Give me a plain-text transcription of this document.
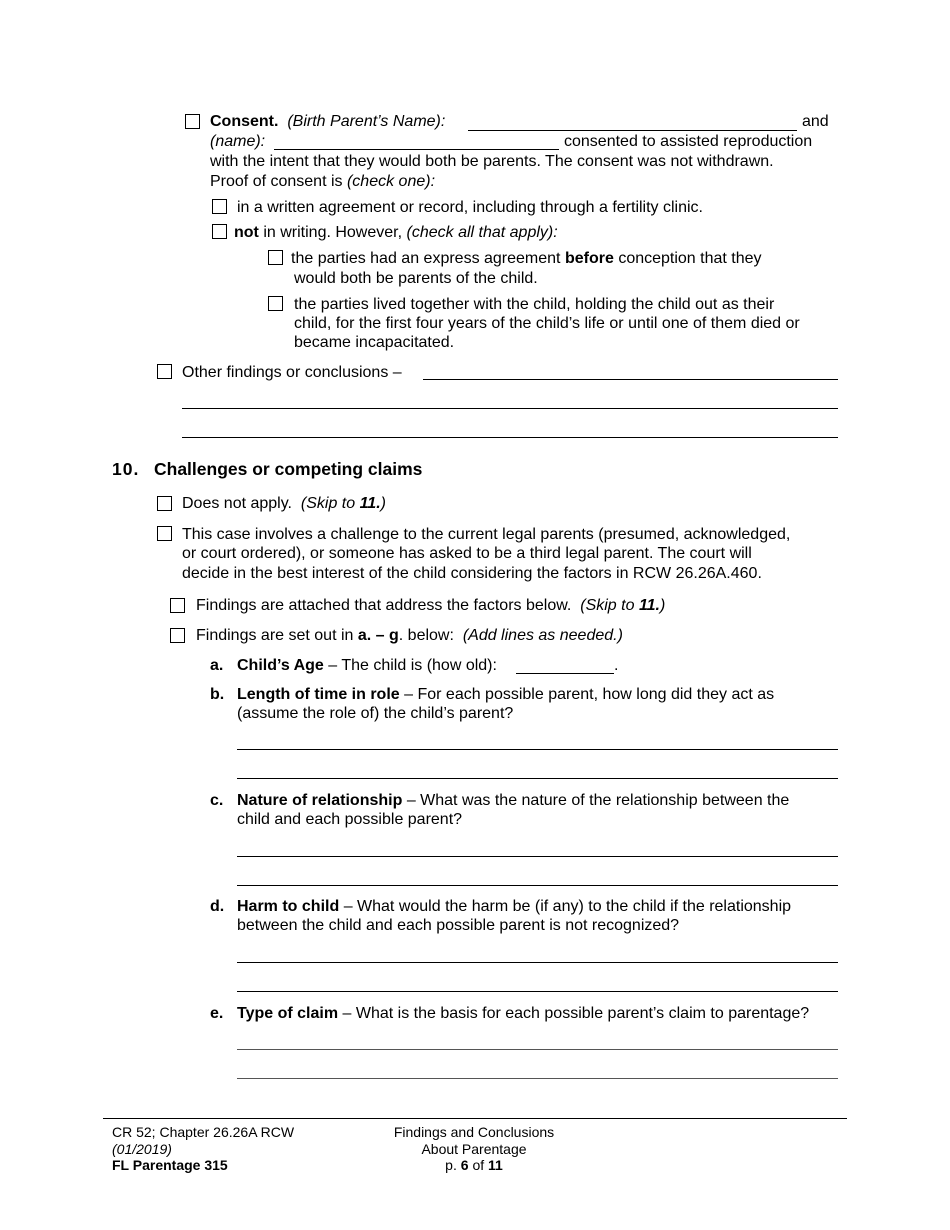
Consent. (Birth Parent’s Name):	and
(name):	consented to assisted reproduction
with the intent that they would both be parents. The consent was not withdrawn.
Proof of consent is (check one):
in a written agreement or record, including through a fertility clinic.
not in writing. However, (check all that apply):
the parties had an express agreement before conception that they
would both be parents of the child.
the parties lived together with the child, holding the child out as their
child, for the first four years of the child’s life or until one of them died or
became incapacitated.
Other findings or conclusions –
10. Challenges or competing claims
Does not apply. (Skip to 11.)
This case involves a challenge to the current legal parents (presumed, acknowledged,
or court ordered), or someone has asked to be a third legal parent. The court will
decide in the best interest of the child considering the factors in RCW 26.26A.460.
Findings are attached that address the factors below. (Skip to 11.)
Findings are set out in a. – g. below: (Add lines as needed.)
a. Child’s Age – The child is (how old):	.
b. Length of time in role – For each possible parent, how long did they act as
(assume the role of) the child’s parent?
c. Nature of relationship – What was the nature of the relationship between the
child and each possible parent?
d. Harm to child – What would the harm be (if any) to the child if the relationship
between the child and each possible parent is not recognized?
e. Type of claim – What is the basis for each possible parent’s claim to parentage?
CR 52; Chapter 26.26A RCW
(01/2019)
FL Parentage 315
Findings and Conclusions
About Parentage
p. 6 of 11
